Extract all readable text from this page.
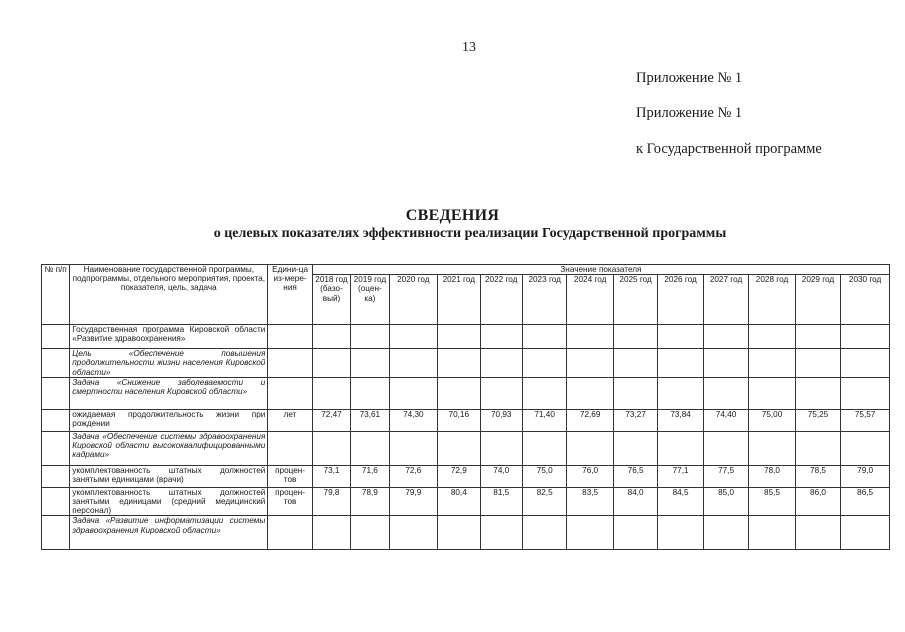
13
Приложение № 1
Приложение № 1
к Государственной программе
СВЕДЕНИЯ
о целевых показателях эффективности реализации Государственной программы
№ п/п	Наименование государственной программы, подпрограммы, отдельного мероприятия, проекта, показателя, цель, задача	Едини-ца из-мере-ния	Значение показателя												
			2018 год (базо-вый)	2019 год (оцен-ка)	2020 год	2021 год	2022 год	2023 год	2024 год	2025 год	2026 год	2027 год	2028 год	2029 год	2030 год
	Государственная программа Кировской области «Развитие здравоохранения»														
	Цель «Обеспечение повышения продолжительности жизни населения Кировской области»														
	Задача «Снижение заболеваемости и смертности населения Кировской области»														
	ожидаемая продолжительность жизни при рождении	лет	72,47	73,61	74,30	70,16	70,93	71,40	72,69	73,27	73,84	74,40	75,00	75,25	75,57
	Задача «Обеспечение системы здравоохранения Кировской области высококвалифицированными кадрами»														
	укомплектованность штатных должностей занятыми единицами (врачи)	процен-тов	73,1	71,6	72,6	72,9	74,0	75,0	76,0	76,5	77,1	77,5	78,0	78,5	79,0
	укомплектованность штатных должностей занятыми единицами (средний медицинский персонал)	процен-тов	79,8	78,9	79,9	80,4	81,5	82,5	83,5	84,0	84,5	85,0	85,5	86,0	86,5
	Задача «Развитие информатизации системы здравоохранения Кировской области»														
